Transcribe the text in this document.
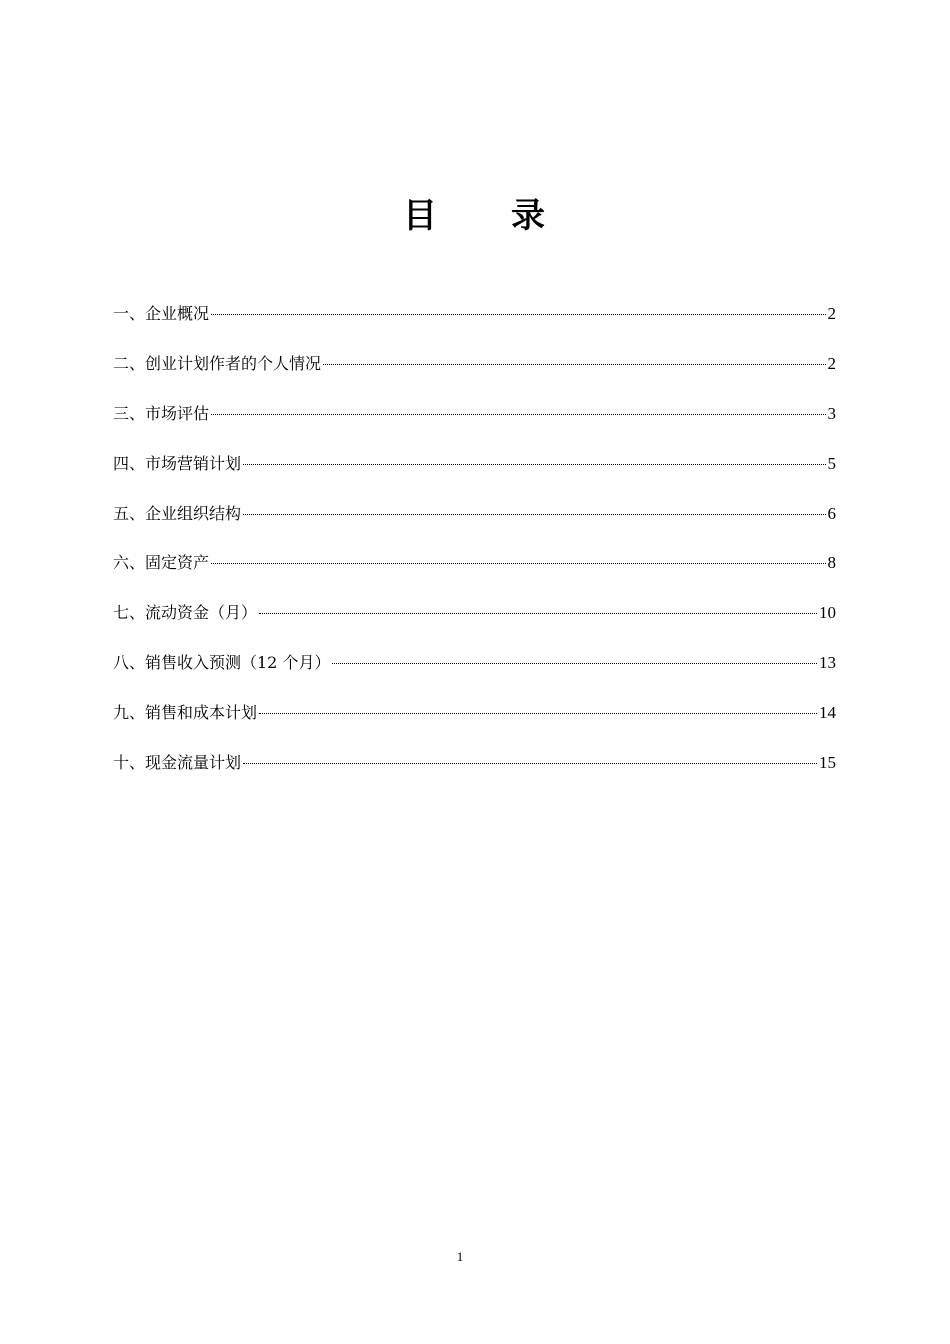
目　　录
一、企业概况	2
二、创业计划作者的个人情况	2
三、市场评估	3
四、市场营销计划	5
五、企业组织结构	6
六、固定资产	8
七、流动资金（月）	10
八、销售收入预测（12 个月）	13
九、销售和成本计划	14
十、现金流量计划	15
1
